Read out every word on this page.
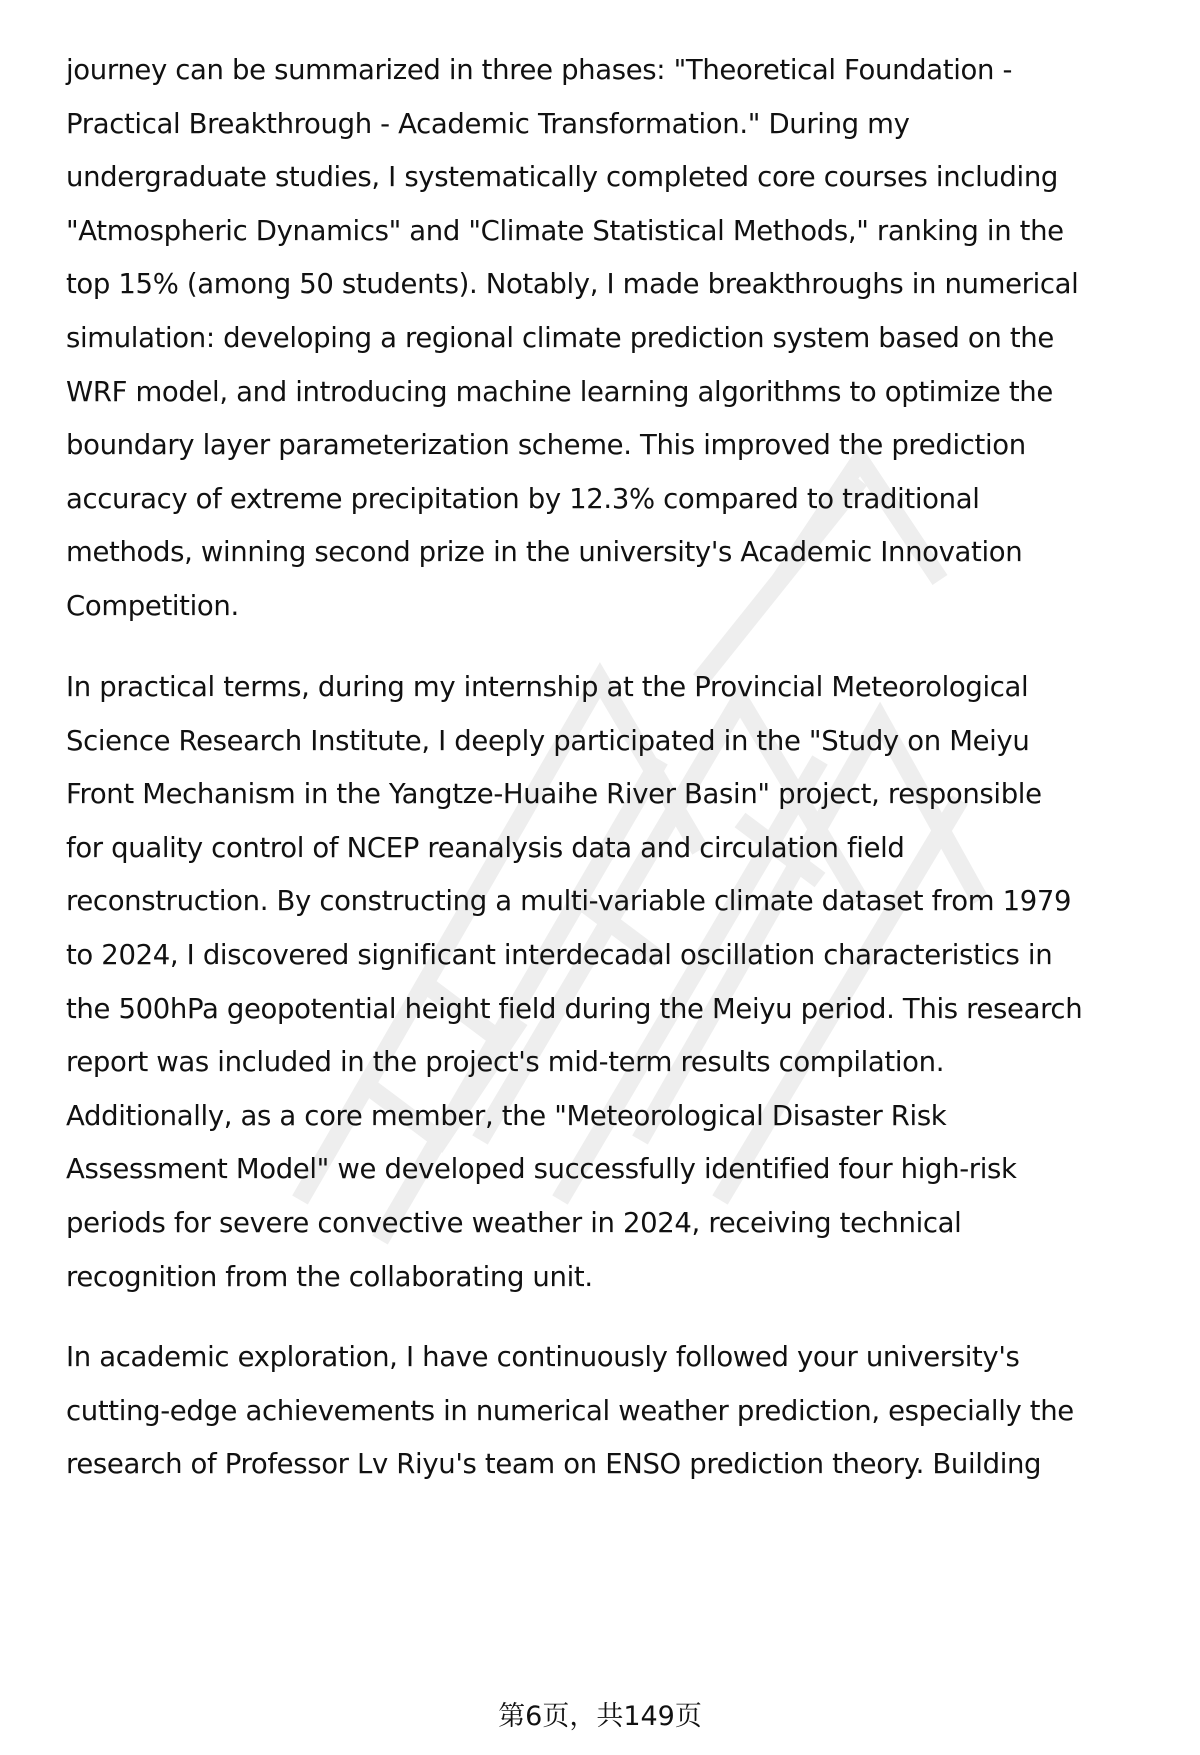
journey can be summarized in three phases: "Theoretical Foundation -
Practical Breakthrough - Academic Transformation." During my
undergraduate studies, I systematically completed core courses including
"Atmospheric Dynamics" and "Climate Statistical Methods," ranking in the
top 15% (among 50 students). Notably, I made breakthroughs in numerical
simulation: developing a regional climate prediction system based on the
WRF model, and introducing machine learning algorithms to optimize the
boundary layer parameterization scheme. This improved the prediction
accuracy of extreme precipitation by 12.3% compared to traditional
methods, winning second prize in the university's Academic Innovation
Competition.
In practical terms, during my internship at the Provincial Meteorological
Science Research Institute, I deeply participated in the "Study on Meiyu
Front Mechanism in the Yangtze-Huaihe River Basin" project, responsible
for quality control of NCEP reanalysis data and circulation field
reconstruction. By constructing a multi-variable climate dataset from 1979
to 2024, I discovered significant interdecadal oscillation characteristics in
the 500hPa geopotential height field during the Meiyu period. This research
report was included in the project's mid-term results compilation.
Additionally, as a core member, the "Meteorological Disaster Risk
Assessment Model" we developed successfully identified four high-risk
periods for severe convective weather in 2024, receiving technical
recognition from the collaborating unit.
In academic exploration, I have continuously followed your university's
cutting-edge achievements in numerical weather prediction, especially the
research of Professor Lv Riyu's team on ENSO prediction theory. Building
第6页，共149页
